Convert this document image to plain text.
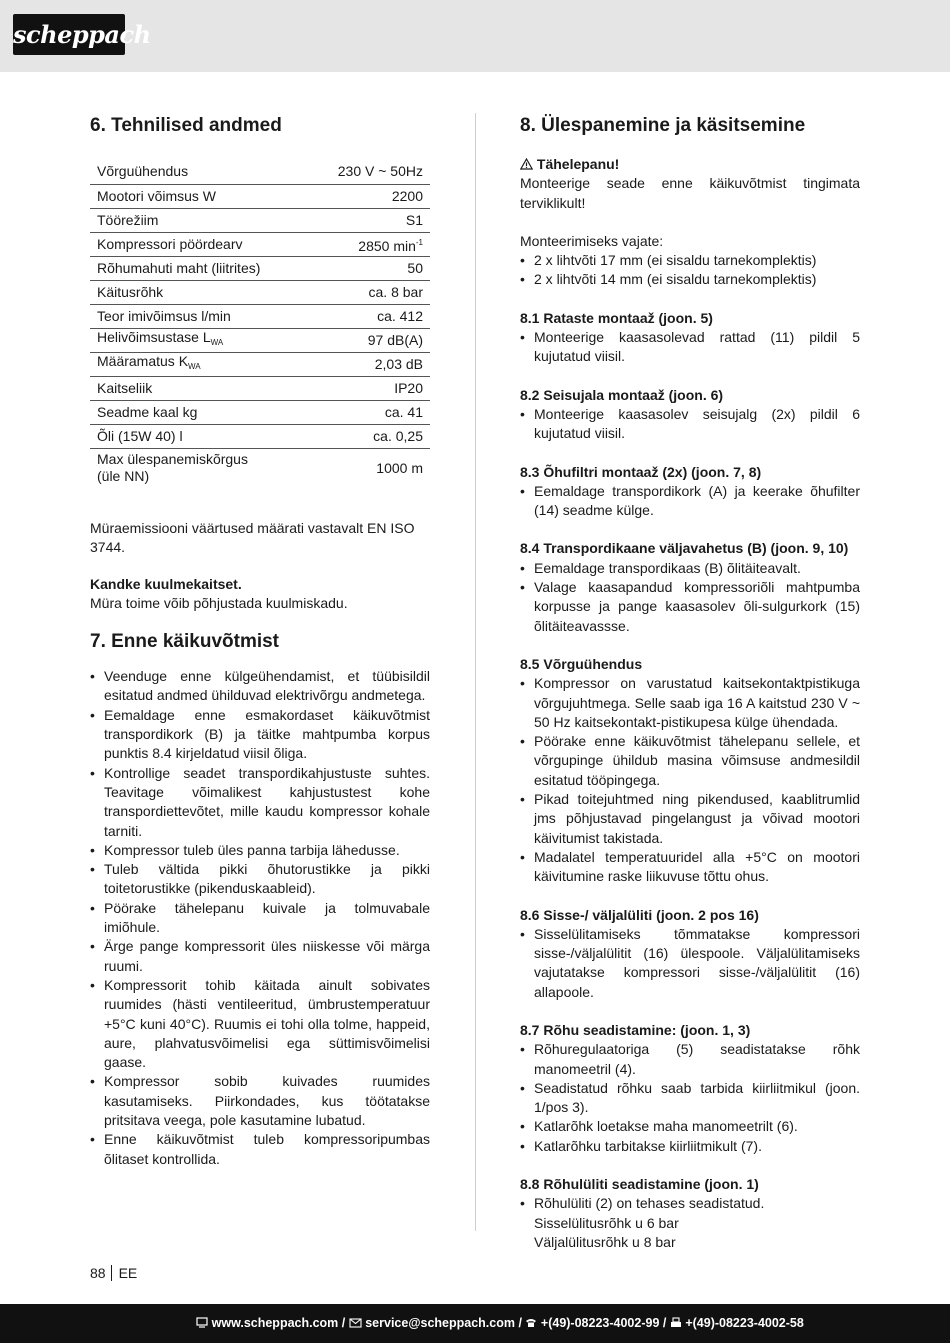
scheppach
6. Tehnilised andmed
Võrguühendus	230 V ~ 50Hz
Mootori võimsus W	2200
Töörežiim	S1
Kompressori pöördearv	2850 $\min^{-1}$
Rõhumahuti maht (liitrites)	50
Käitusrõhk	ca. 8 bar
Teor imivõimsus l/min	ca. 412
Helivõimsustase $L_{WA}$	97 dB(A)
Määramatus $K_{WA}$	2,03 dB
Kaitseliik	IP20
Seadme kaal kg	ca. 41
Õli (15W 40) l	ca. 0,25
Max ülespanemiskõrgus
(üle NN)	1000 m

Müraemissiooni väärtused määrati vastavalt EN ISO 3744.

Kandke kuulmekaitset.

Müra toime võib põhjustada kuulmiskadu.

7. Enne käikuvõtmist
• Veenduge enne külgeühendamist, et tüübisildil esitatud andmed ühilduvad elektrivõrgu andmetega.
• Eemaldage enne esmakordaset käikuvõtmist transpordikork (B) ja täitke mahtpumba korpus punktis 8.4 kirjeldatud viisil õliga.
• Kontrollige seadet transpordikahjustuste suhtes. Teavitage võimalikest kahjustustest kohe transpordiettevõtet, mille kaudu kompressor kohale tarniti.
• Kompressor tuleb üles panna tarbija lähedusse.
• Tuleb vältida pikki õhutorustikke ja pikki toitetorustikke (pikenduskaableid).
• Pöörake tähelepanu kuivale ja tolmuvabale imiõhule.
• Ärge pange kompressorit üles niiskesse või märga ruumi.
• Kompressorit tohib käitada ainult sobivates ruumides (hästi ventileeritud, ümbrustemperatuur +5°C kuni 40°C). Ruumis ei tohi olla tolme, happeid, aure, plahvatusvõimelisi ega süttimisvõimelisi gaase.
• Kompressor sobib kuivades ruumides kasutamiseks. Piirkondades, kus töötatakse pritsitava veega, pole kasutamine lubatud.
• Enne käikuvõtmist tuleb kompressoripumbas õlitaset kontrollida.
8. Ülespanemine ja käsitsemine

Tähelepanu!

Monteerige seade enne käikuvõtmist tingimata terviklikult!

Monteerimiseks vajate:

• 2 x lihtvõti 17 mm (ei sisaldu tarnekomplektis)
• 2 x lihtvõti 14 mm (ei sisaldu tarnekomplektis)

8.1 Rataste montaaž (joon. 5)

• Monteerige kaasasolevad rattad (11) pildil 5 kujutatud viisil.

8.2 Seisujala montaaž (joon. 6)

• Monteerige kaasasolev seisujalg (2x) pildil 6 kujutatud viisil.

8.3 Õhufiltri montaaž (2x) (joon. 7, 8)

• Eemaldage transpordikork (A) ja keerake õhufilter (14) seadme külge.

8.4 Transpordikaane väljavahetus (B) (joon. 9, 10)

• Eemaldage transpordikaas (B) õlitäiteavalt.
• Valage kaasapandud kompressoriõli mahtpumba korpusse ja pange kaasasolev õli-sulgurkork (15) õlitäiteavassse.

8.5 Võrguühendus

• Kompressor on varustatud kaitsekontaktpistikuga võrgujuhtmega. Selle saab iga 16 A kaitstud 230 V ~ 50 Hz kaitsekontakt-pistikupesa külge ühendada.
• Pöörake enne käikuvõtmist tähelepanu sellele, et võrgupinge ühildub masina võimsuse andmesildil esitatud tööpingega.
• Pikad toitejuhtmed ning pikendused, kaablitrumlid jms põhjustavad pingelangust ja võivad mootori käivitumist takistada.
• Madalatel temperatuuridel alla +5°C on mootori käivitumine raske liikuvuse tõttu ohus.

8.6 Sisse-/ väljalüliti (joon. 2 pos 16)

• Sisselülitamiseks tõmmatakse kompressori sisse-/väljalülitit (16) ülespoole. Väljalülitamiseks vajutatakse kompressori sisse-/väljalülitit (16) allapoole.

8.7 Rõhu seadistamine: (joon. 1, 3)

• Rõhuregulaatoriga (5) seadistatakse rõhk manomeetril (4).
• Seadistatud rõhku saab tarbida kiirliitmikul (joon. 1/pos 3).
• Katlarõhk loetakse maha manomeetrilt (6).
• Katlarõhku tarbitakse kiirliitmikult (7).

8.8 Rõhulüliti seadistamine (joon. 1)

• Rõhulüliti (2) on tehases seadistatud.
Sisselülitusrõhk u 6 bar
Väljalülitusrõhk u 8 bar
88 EE
www.scheppach.com /  service@scheppach.com /  +(49)-08223-4002-99 /  +(49)-08223-4002-58
